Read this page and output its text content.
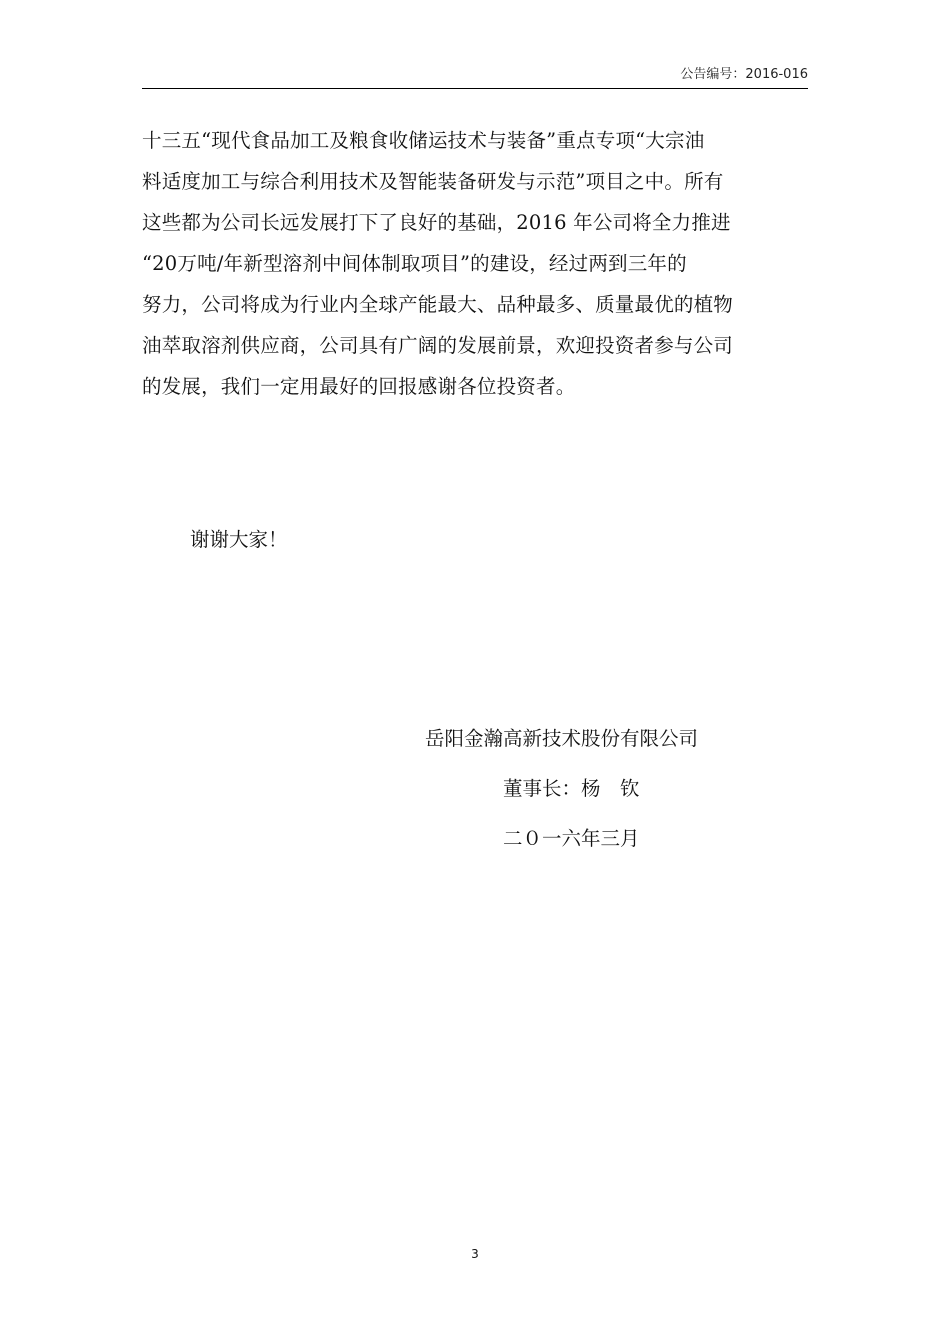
公告编号：2016-016
十三五“现代食品加工及粮食收储运技术与装备”重点专项“大宗油
料适度加工与综合利用技术及智能装备研发与示范”项目之中。所有
这些都为公司长远发展打下了良好的基础，2016 年公司将全力推进
“20万吨/年新型溶剂中间体制取项目”的建设，经过两到三年的
努力，公司将成为行业内全球产能最大、品种最多、质量最优的植物
油萃取溶剂供应商，公司具有广阔的发展前景，欢迎投资者参与公司
的发展，我们一定用最好的回报感谢各位投资者。
谢谢大家！
岳阳金瀚高新技术股份有限公司
董事长：杨　钦
二０一六年三月
3
